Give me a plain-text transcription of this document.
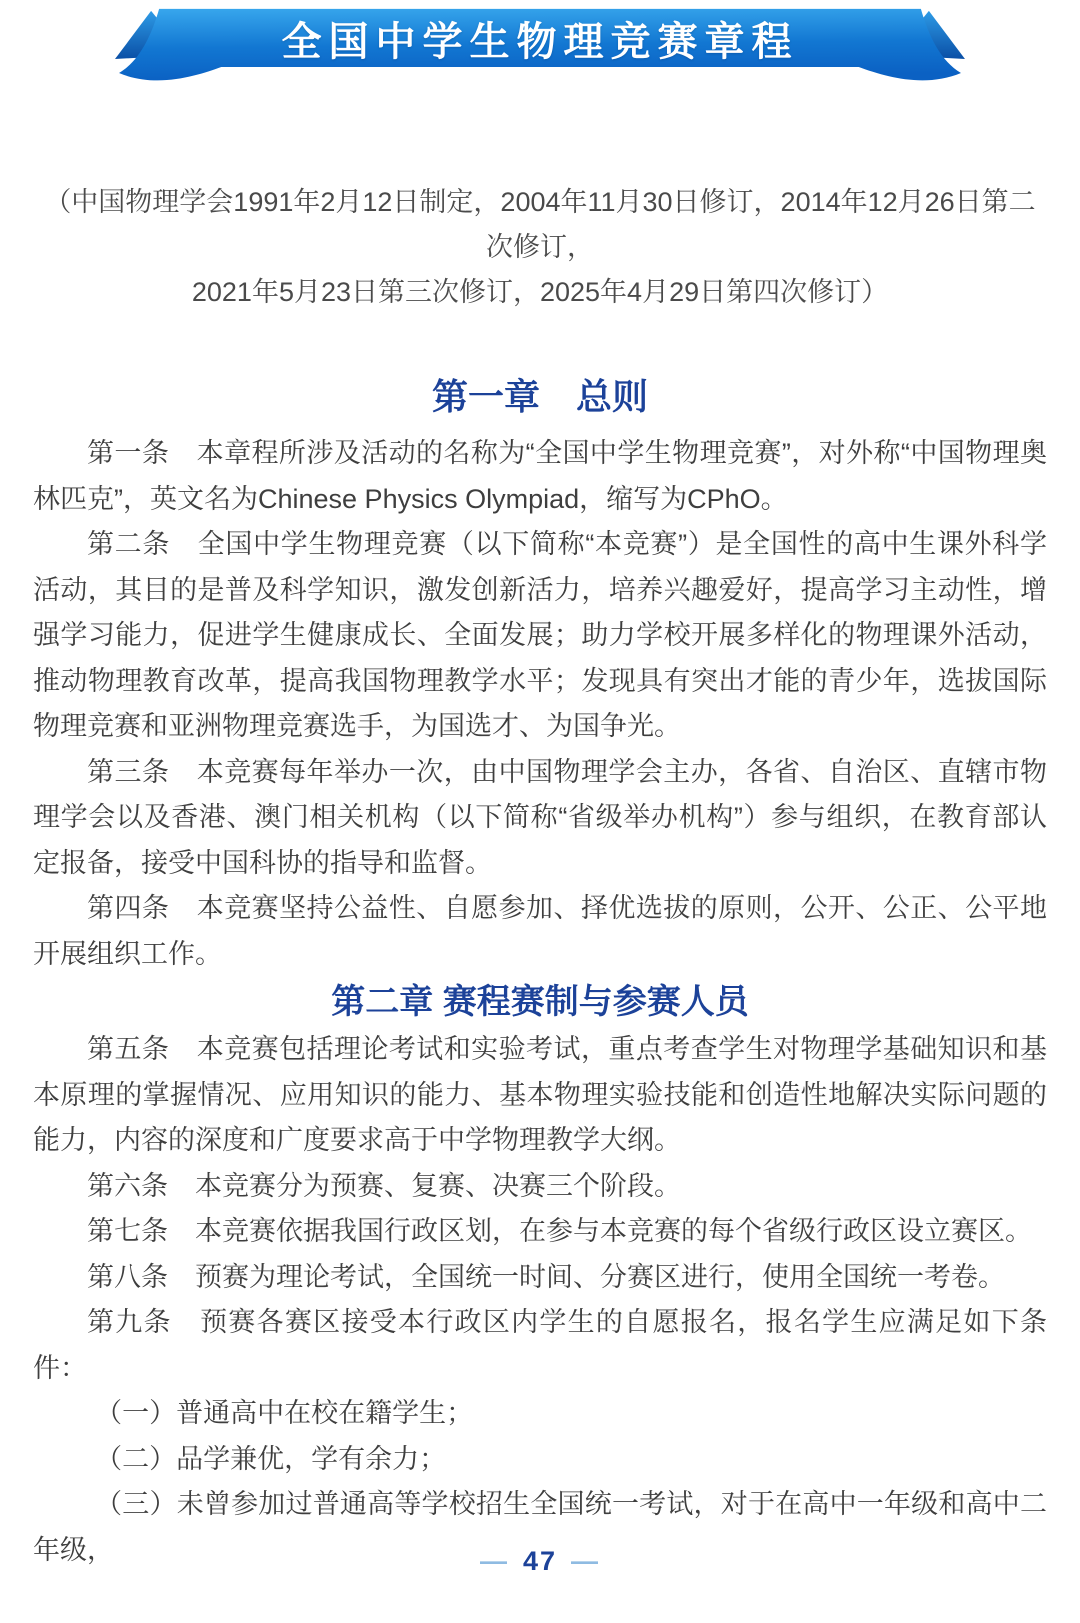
全国中学生物理竞赛章程
（中国物理学会1991年2月12日制定，2004年11月30日修订，2014年12月26日第二次修订，
2021年5月23日第三次修订，2025年4月29日第四次修订）
第一章　总则

第一条　本章程所涉及活动的名称为“全国中学生物理竞赛”，对外称“中国物理奥林匹克”，英文名为Chinese Physics Olympiad，缩写为CPhO。

第二条　全国中学生物理竞赛（以下简称“本竞赛”）是全国性的高中生课外科学活动，其目的是普及科学知识，激发创新活力，培养兴趣爱好，提高学习主动性，增强学习能力，促进学生健康成长、全面发展；助力学校开展多样化的物理课外活动，推动物理教育改革，提高我国物理教学水平；发现具有突出才能的青少年，选拔国际物理竞赛和亚洲物理竞赛选手，为国选才、为国争光。

第三条　本竞赛每年举办一次，由中国物理学会主办，各省、自治区、直辖市物理学会以及香港、澳门相关机构（以下简称“省级举办机构”）参与组织，在教育部认定报备，接受中国科协的指导和监督。

第四条　本竞赛坚持公益性、自愿参加、择优选拔的原则，公开、公正、公平地开展组织工作。

第二章 赛程赛制与参赛人员

第五条　本竞赛包括理论考试和实验考试，重点考查学生对物理学基础知识和基本原理的掌握情况、应用知识的能力、基本物理实验技能和创造性地解决实际问题的能力，内容的深度和广度要求高于中学物理教学大纲。

第六条　本竞赛分为预赛、复赛、决赛三个阶段。

第七条　本竞赛依据我国行政区划，在参与本竞赛的每个省级行政区设立赛区。

第八条　预赛为理论考试，全国统一时间、分赛区进行，使用全国统一考卷。

第九条　预赛各赛区接受本行政区内学生的自愿报名，报名学生应满足如下条件：

（一）普通高中在校在籍学生；

（二）品学兼优，学有余力；

（三）未曾参加过普通高等学校招生全国统一考试，对于在高中一年级和高中二年级，	— 47 —
